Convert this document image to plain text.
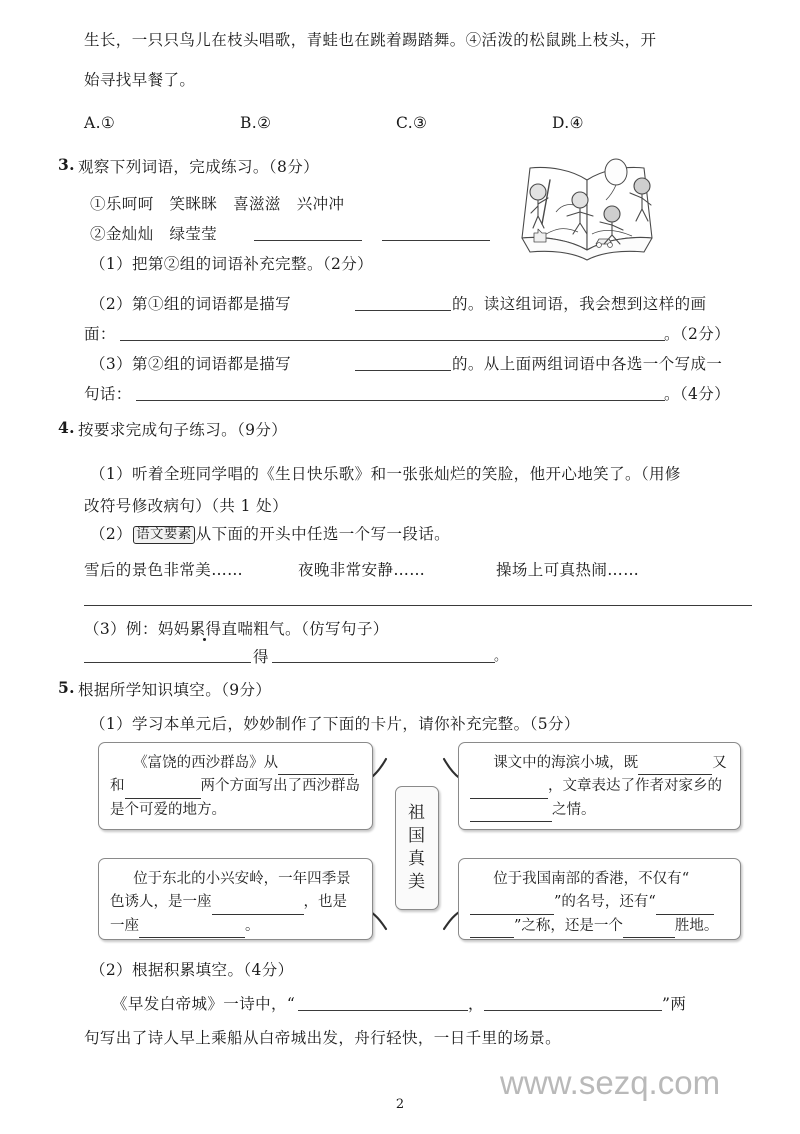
生长，一只只鸟儿在枝头唱歌，青蛙也在跳着踢踏舞。④活泼的松鼠跳上枝头，开
始寻找早餐了。
A.①	B.②	C.③	D.④
3. 观察下列词语，完成练习。（8分）
①乐呵呵　笑眯眯　喜滋滋　兴冲冲
②金灿灿　绿莹莹
（1）把第②组的词语补充完整。（2分）
（2）第①组的词语都是描写	的。读这组词语，我会想到这样的画
面：	。（2分）
（3）第②组的词语都是描写	的。从上面两组词语中各选一个写成一
句话：	。（4分）
4. 按要求完成句子练习。（9分）
（1）听着全班同学唱的《生日快乐歌》和一张张灿烂的笑脸，他开心地笑了。（用修
改符号修改病句）（共 1 处）
（2） 语文要素 从下面的开头中任选一个写一段话。
雪后的景色非常美……	夜晚非常安静……	操场上可真热闹……
（3）例：妈妈累得直喘粗气。（仿写句子）
得	。
5. 根据所学知识填空。（9分）
（1）学习本单元后，妙妙制作了下面的卡片，请你补充完整。（5分）
《富饶的西沙群岛》从和	两个方面写出了西沙群岛是个可爱的地方。
课文中的海滨小城，既	又，文章表达了作者对家乡的之情。
位于东北的小兴安岭，一年四季景色诱人，是一座	，也是一座	。
位于我国南部的香港，不仅有“”的名号，还有“”之称，还是一个	胜地。
祖
国
真
美
（2）根据积累填空。（4分）
《早发白帝城》一诗中，“	，	”两
句写出了诗人早上乘船从白帝城出发，舟行轻快，一日千里的场景。
www.sezq.com
2
